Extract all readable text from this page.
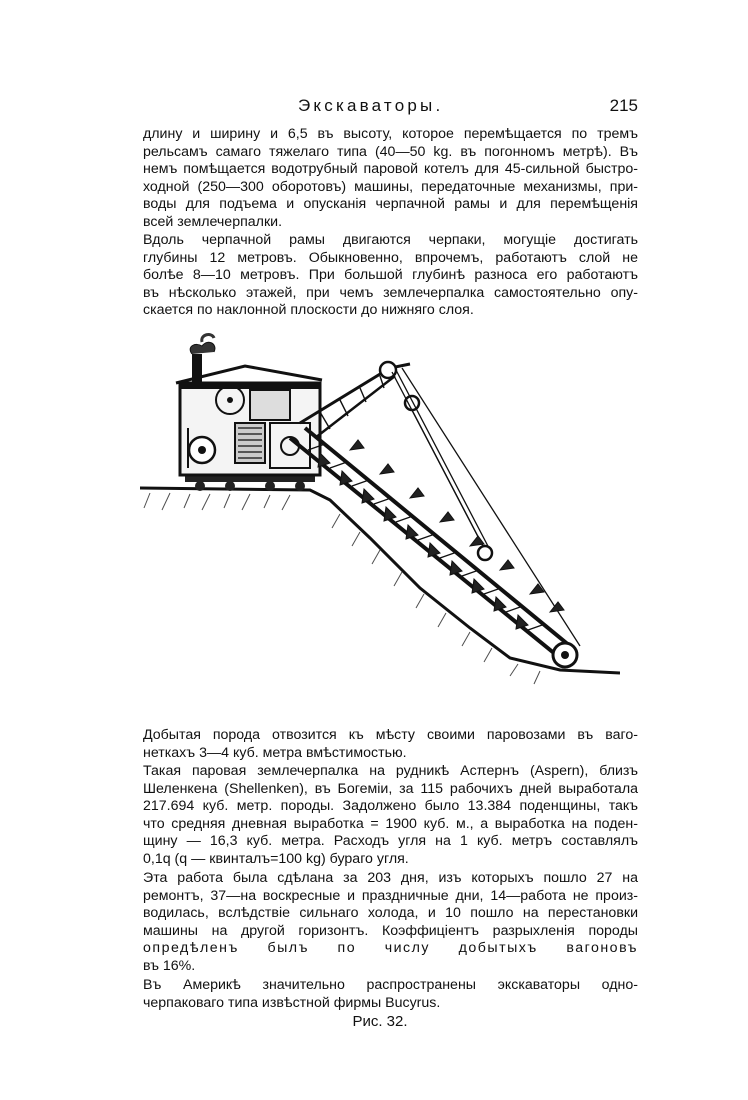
Экскаваторы.	215

длину и ширину и 6,5 въ высоту, которое перемѣщается по тремъ
рельсамъ самаго тяжелаго типа (40—50 kg. въ погонномъ метрѣ). Въ
немъ помѣщается водотрубный паровой котелъ для 45-сильной быстро-
ходной (250—300 оборотовъ) машины, передаточные механизмы, при-
воды для подъема и опусканія черпачной рамы и для перемѣщенія
всей землечерпалки.

Вдоль черпачной рамы двигаются черпаки, могущіе достигать
глубины 12 метровъ. Обыкновенно, впрочемъ, работаютъ слой не
болѣе 8—10 метровъ. При большой глубинѣ разноса его работаютъ
въ нѣсколько этажей, при чемъ землечерпалка самостоятельно опу-
скается по наклонной плоскости до нижняго слоя.

Рис. 32.

Добытая порода отвозится къ мѣсту своими паровозами въ ваго-
неткахъ 3—4 куб. метра вмѣстимостью.

Такая паровая землечерпалка на рудникѣ Асπернъ (Aspern), близъ
Шеленкена (Shellenken), въ Богеміи, за 115 рабочихъ дней выработала
217.694 куб. метр. породы. Задолжено было 13.384 поденщины, такъ
что средняя дневная выработка = 1900 куб. м., а выработка на поден-
щину — 16,3 куб. метра. Расходъ угля на 1 куб. метръ составлялъ
0,1q (q — квинталъ=100 kg) бураго угля.

Эта работа была сдѣлана за 203 дня, изъ которыхъ пошло 27 на
ремонтъ, 37—на воскресные и праздничные дни, 14—работа не произ-
водилась, вслѣдствіе сильнаго холода, и 10 пошло на перестановки
машины на другой горизонтъ. Коэффиціентъ разрыхленія породы
опредѣленъ былъ по числу добытыхъ вагоновъ
въ 16%.

Въ Америкѣ значительно распространены экскаваторы одно-
черпаковаго типа извѣстной фирмы Bucyrus.
